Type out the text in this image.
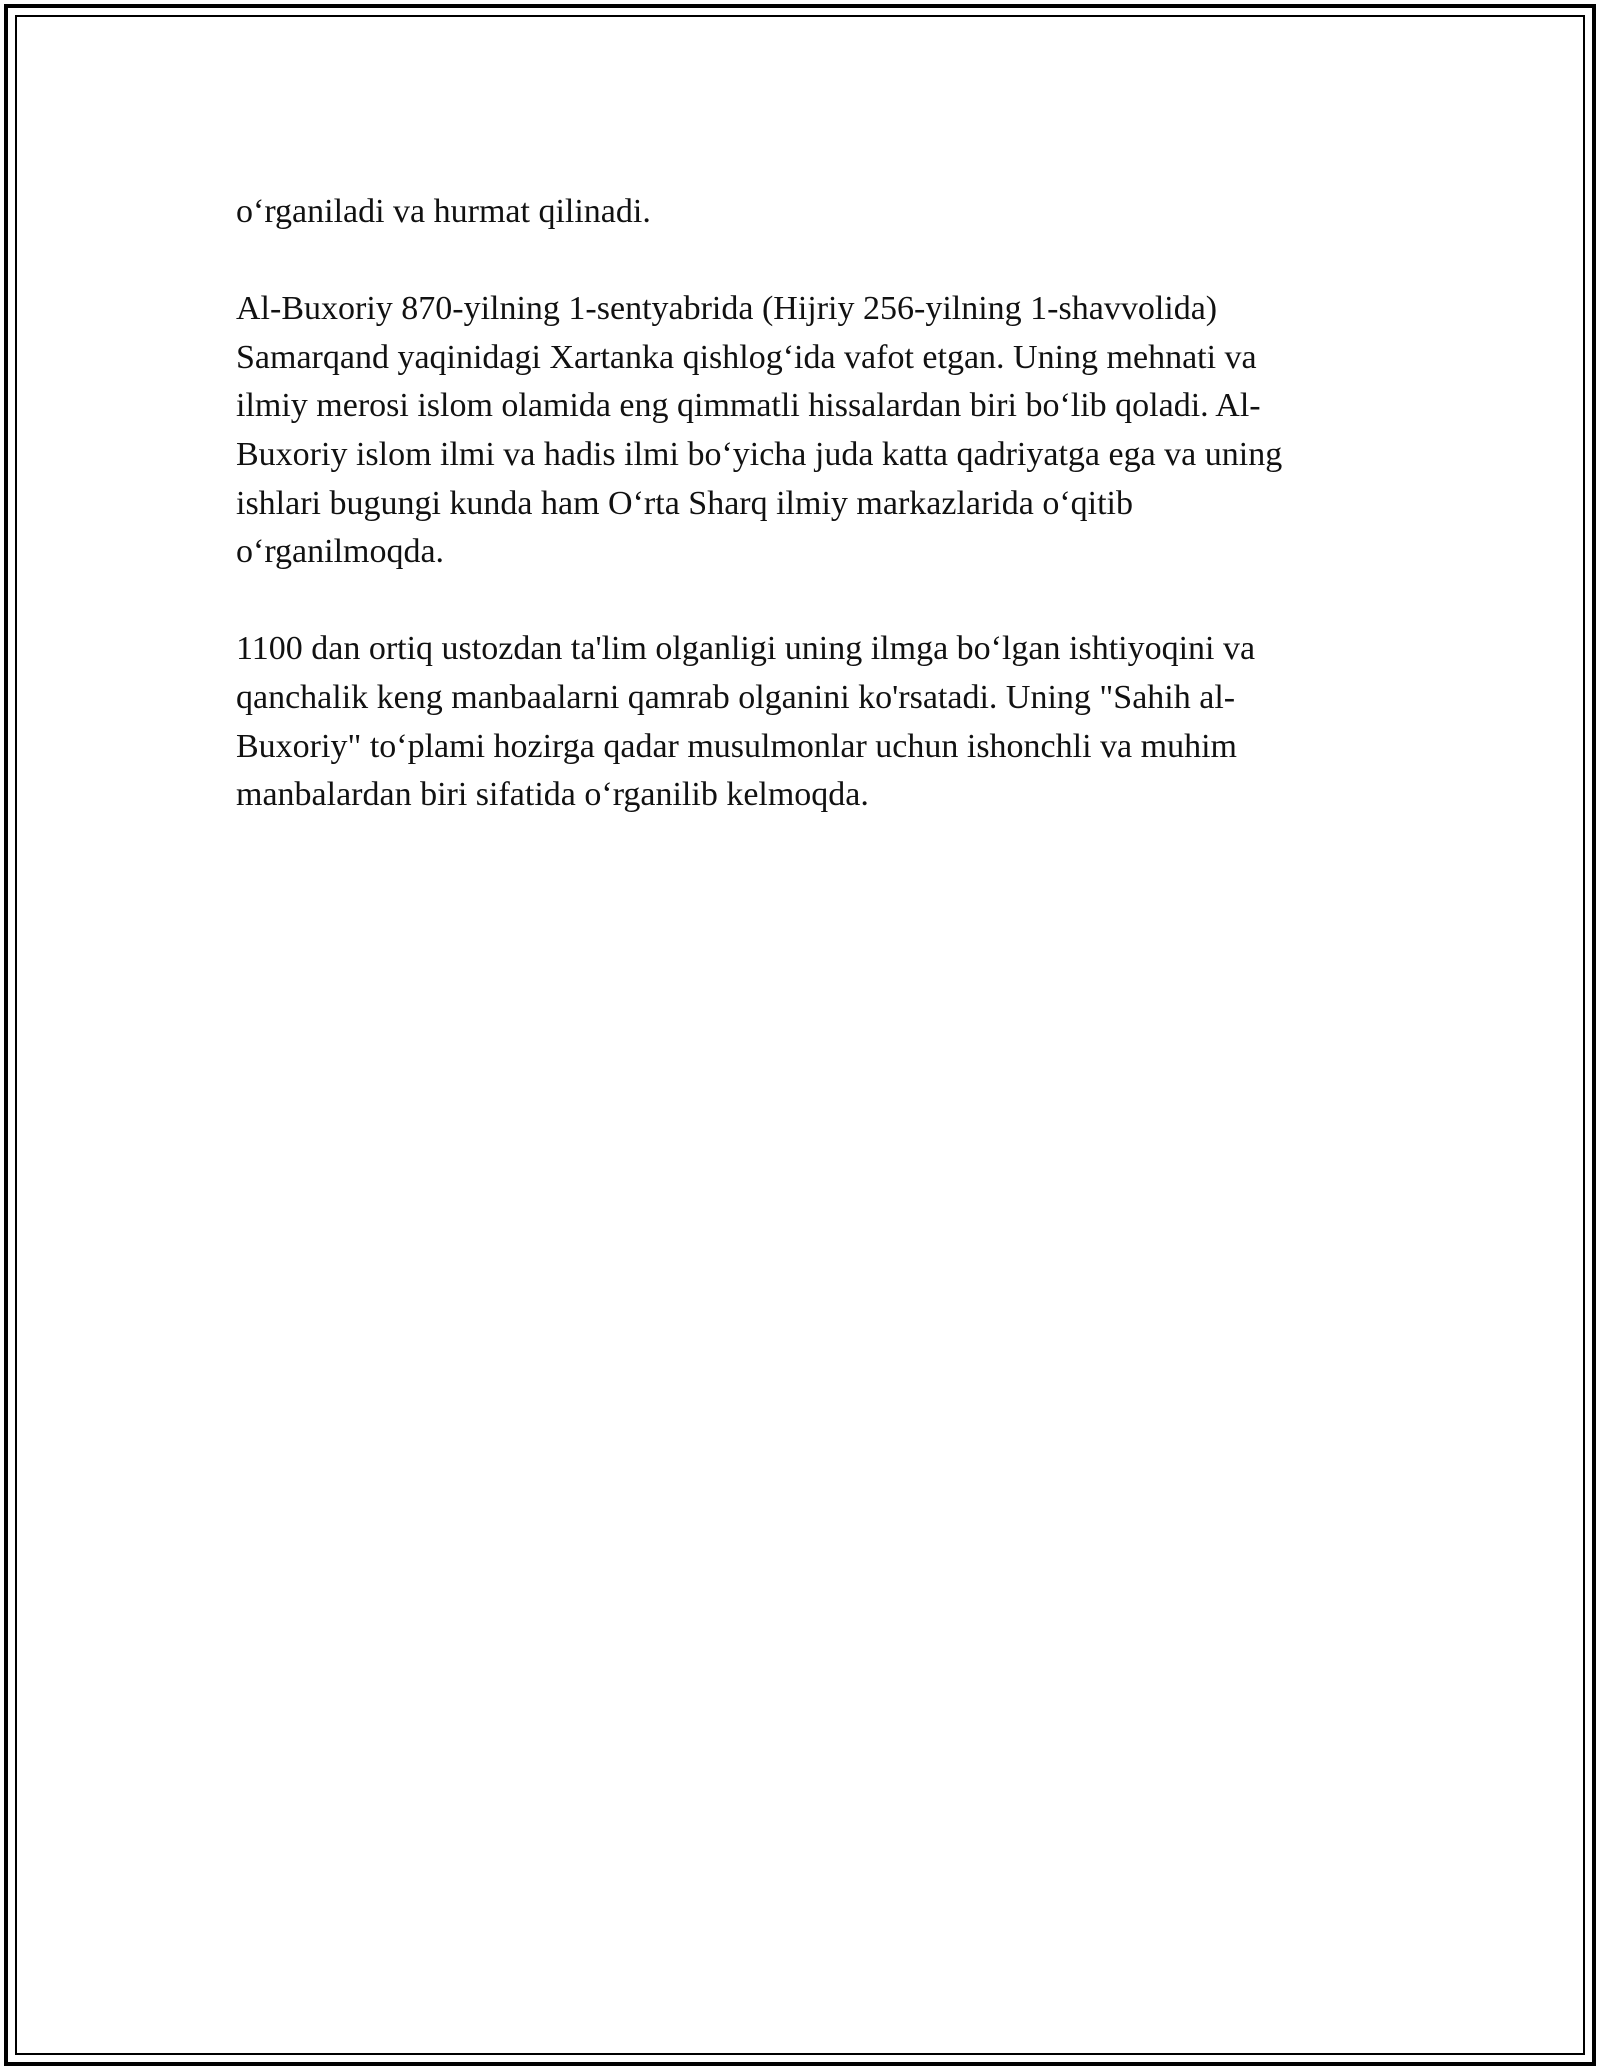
o‘rganiladi va hurmat qilinadi.

Al-Buxoriy 870-yilning 1-sentyabrida (Hijriy 256-yilning 1-shavvolida)
Samarqand yaqinidagi Xartanka qishlog‘ida vafot etgan. Uning mehnati va
ilmiy merosi islom olamida eng qimmatli hissalardan biri bo‘lib qoladi. Al-
Buxoriy islom ilmi va hadis ilmi bo‘yicha juda katta qadriyatga ega va uning
ishlari bugungi kunda ham O‘rta Sharq ilmiy markazlarida o‘qitib
o‘rganilmoqda.

1100 dan ortiq ustozdan ta'lim olganligi uning ilmga bo‘lgan ishtiyoqini va
qanchalik keng manbaalarni qamrab olganini ko'rsatadi. Uning "Sahih al-
Buxoriy" to‘plami hozirga qadar musulmonlar uchun ishonchli va muhim
manbalardan biri sifatida o‘rganilib kelmoqda.
